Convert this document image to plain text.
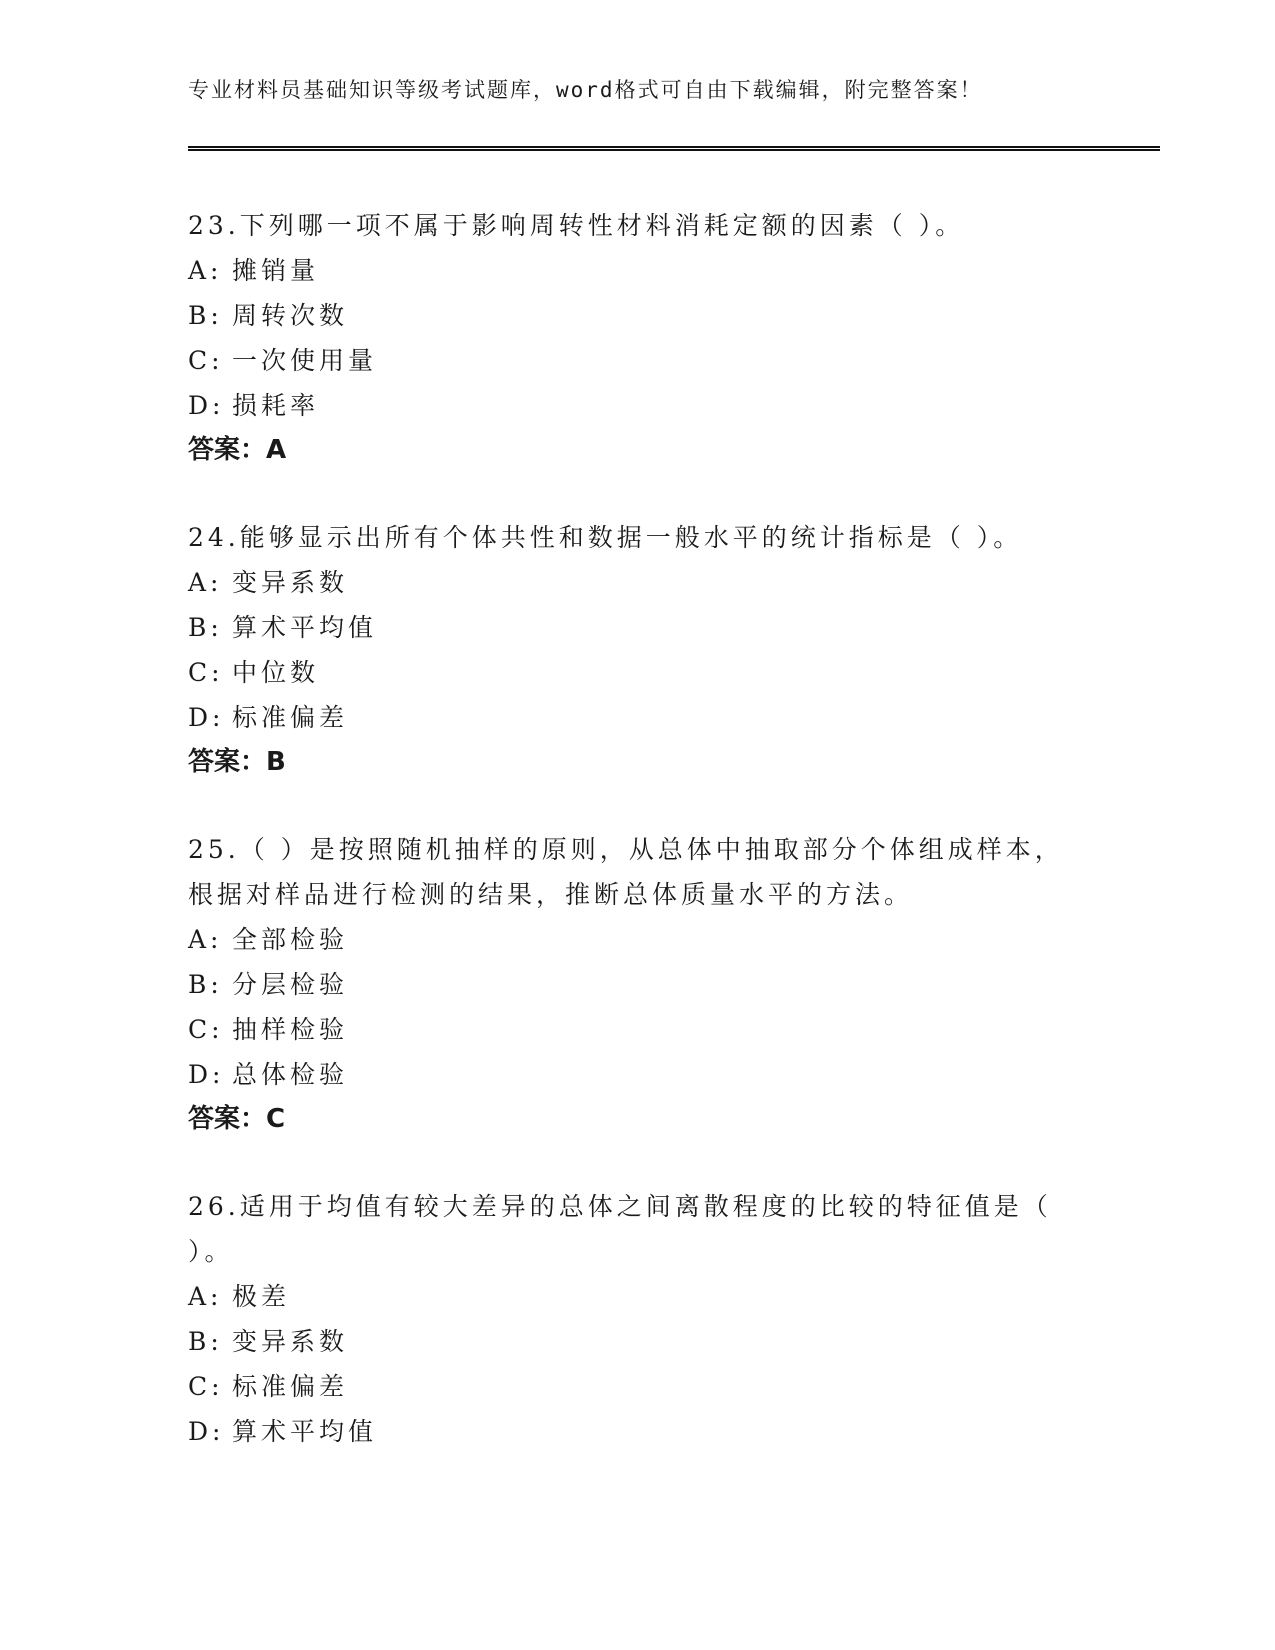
专业材料员基础知识等级考试题库，word格式可自由下载编辑，附完整答案！
23.下列哪一项不属于影响周转性材料消耗定额的因素（ ）。
A: 摊销量
B: 周转次数
C: 一次使用量
D: 损耗率
答案：A
24.能够显示出所有个体共性和数据一般水平的统计指标是（ ）。
A: 变异系数
B: 算术平均值
C: 中位数
D: 标准偏差
答案：B
25.（ ）是按照随机抽样的原则，从总体中抽取部分个体组成样本，根据对样品进行检测的结果，推断总体质量水平的方法。
A: 全部检验
B: 分层检验
C: 抽样检验
D: 总体检验
答案：C
26.适用于均值有较大差异的总体之间离散程度的比较的特征值是（ ）。
A: 极差
B: 变异系数
C: 标准偏差
D: 算术平均值
